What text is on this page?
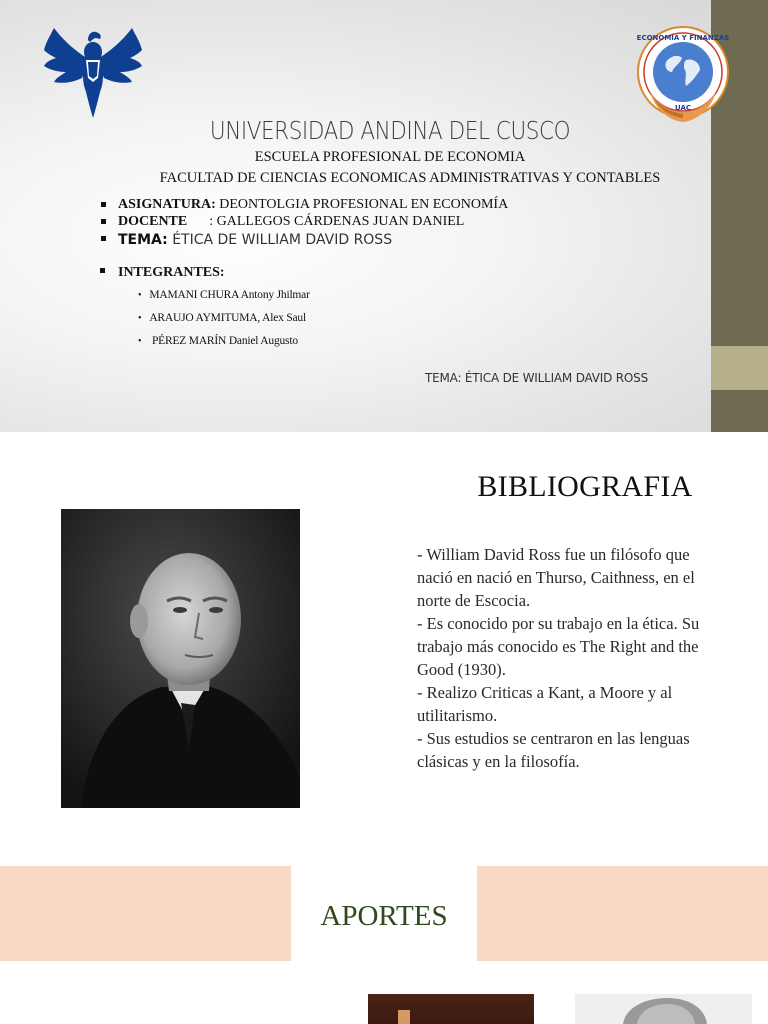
ECONOMÍA Y FINANZAS
UAC
UNIVERSIDAD ANDINA DEL CUSCO
ESCUELA PROFESIONAL DE ECONOMIA
FACULTAD DE CIENCIAS ECONOMICAS ADMINISTRATIVAS Y CONTABLES
ASIGNATURA: DEONTOLGIA PROFESIONAL EN ECONOMÍA
DOCENTE : GALLEGOS CÁRDENAS JUAN DANIEL
TEMA: ÉTICA DE WILLIAM DAVID ROSS
INTEGRANTES:
• MAMANI CHURA Antony Jhilmar
• ARAUJO AYMITUMA, Alex Saul
• PÉREZ MARÍN Daniel Augusto
TEMA: ÉTICA DE WILLIAM DAVID ROSS
BIBLIOGRAFIA

- William David Ross fue un filósofo que nació en nació en Thurso, Caithness, en el norte de Escocia.

- Es conocido por su trabajo en la ética. Su trabajo más conocido es The Right and the Good (1930).

- Realizo Criticas a Kant, a Moore y al utilitarismo.

- Sus estudios se centraron en las lenguas clásicas y en la filosofía.

APORTES
